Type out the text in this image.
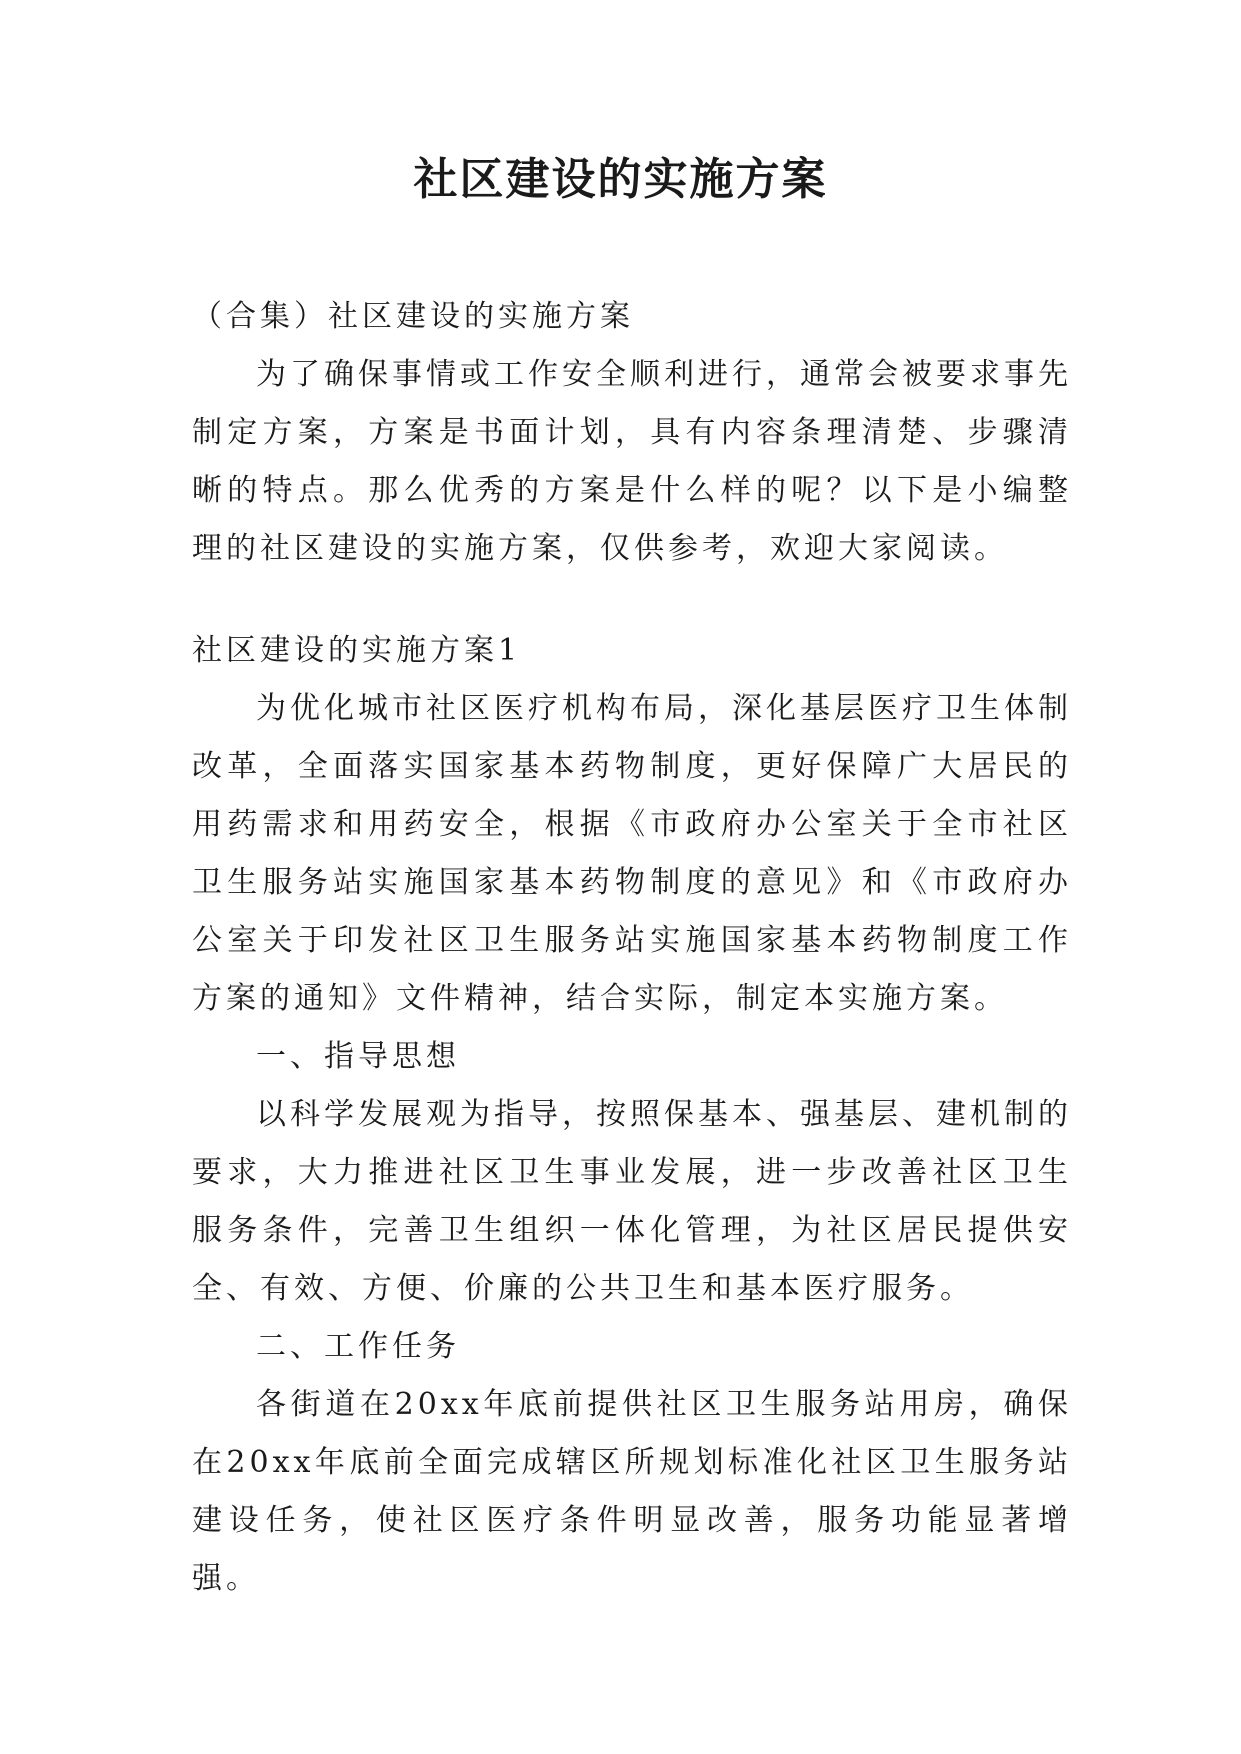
社区建设的实施方案

（合集）社区建设的实施方案

为了确保事情或工作安全顺利进行，通常会被要求事先制定方案，方案是书面计划，具有内容条理清楚、步骤清晰的特点。那么优秀的方案是什么样的呢？以下是小编整理的社区建设的实施方案，仅供参考，欢迎大家阅读。

社区建设的实施方案1

为优化城市社区医疗机构布局，深化基层医疗卫生体制改革，全面落实国家基本药物制度，更好保障广大居民的用药需求和用药安全，根据《市政府办公室关于全市社区卫生服务站实施国家基本药物制度的意见》和《市政府办公室关于印发社区卫生服务站实施国家基本药物制度工作方案的通知》文件精神，结合实际，制定本实施方案。

一、指导思想

以科学发展观为指导，按照保基本、强基层、建机制的要求，大力推进社区卫生事业发展，进一步改善社区卫生服务条件，完善卫生组织一体化管理，为社区居民提供安全、有效、方便、价廉的公共卫生和基本医疗服务。

二、工作任务

各街道在20xx年底前提供社区卫生服务站用房，确保在20xx年底前全面完成辖区所规划标准化社区卫生服务站建设任务，使社区医疗条件明显改善，服务功能显著增强。
